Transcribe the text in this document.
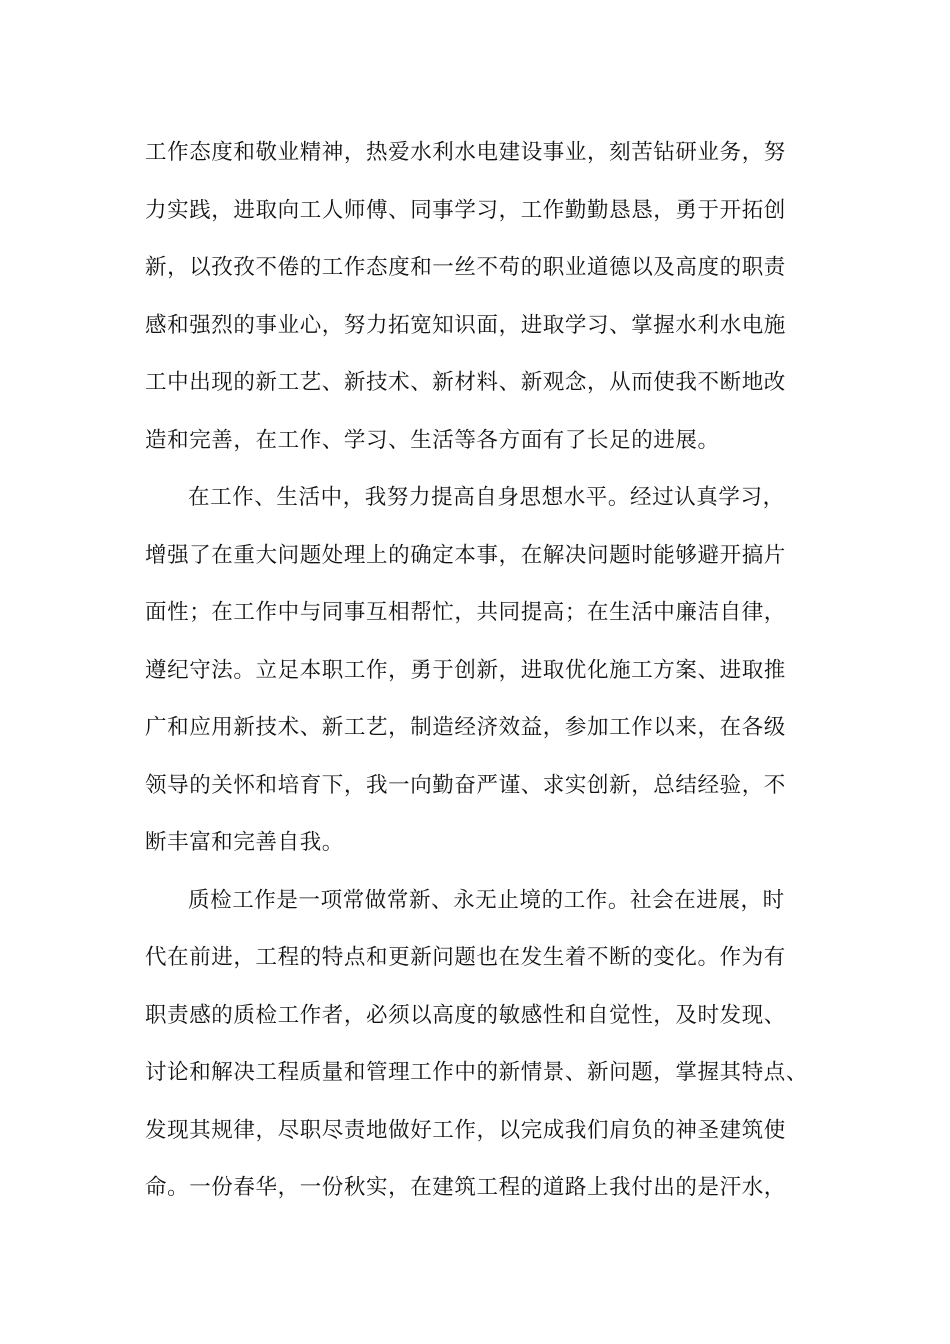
工作态度和敬业精神，热爱水利水电建设事业，刻苦钻研业务，努
力实践，进取向工人师傅、同事学习，工作勤勤恳恳，勇于开拓创
新，以孜孜不倦的工作态度和一丝不苟的职业道德以及高度的职责
感和强烈的事业心，努力拓宽知识面，进取学习、掌握水利水电施
工中出现的新工艺、新技术、新材料、新观念，从而使我不断地改
造和完善，在工作、学习、生活等各方面有了长足的进展。
在工作、生活中，我努力提高自身思想水平。经过认真学习，
增强了在重大问题处理上的确定本事，在解决问题时能够避开搞片
面性；在工作中与同事互相帮忙，共同提高；在生活中廉洁自律，
遵纪守法。立足本职工作，勇于创新，进取优化施工方案、进取推
广和应用新技术、新工艺，制造经济效益，参加工作以来，在各级
领导的关怀和培育下，我一向勤奋严谨、求实创新，总结经验，不
断丰富和完善自我。
质检工作是一项常做常新、永无止境的工作。社会在进展，时
代在前进，工程的特点和更新问题也在发生着不断的变化。作为有
职责感的质检工作者，必须以高度的敏感性和自觉性，及时发现、
讨论和解决工程质量和管理工作中的新情景、新问题，掌握其特点、
发现其规律，尽职尽责地做好工作，以完成我们肩负的神圣建筑使
命。一份春华，一份秋实，在建筑工程的道路上我付出的是汗水，
